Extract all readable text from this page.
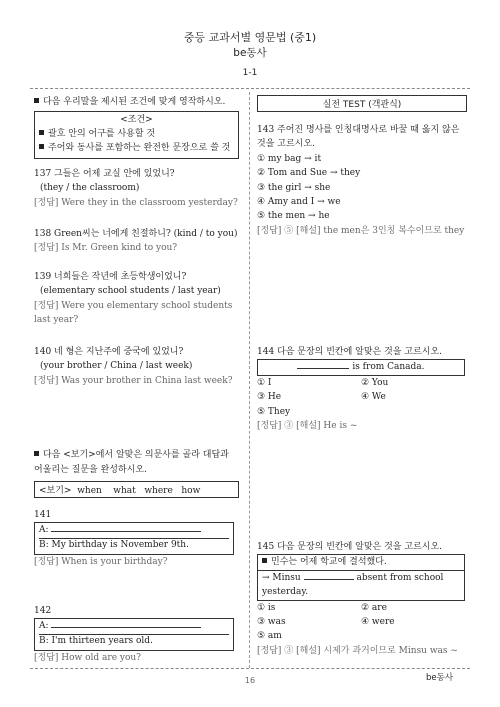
중등 교과서별 영문법 (중1)
be동사
1-1
다음 우리말을 제시된 조건에 맞게 영작하시오.
<조건>
괄호 안의 어구를 사용할 것
주어와 동사를 포함하는 완전한 문장으로 쓸 것
137 그들은 어제 교실 안에 있었니?
(they / the classroom)
[정답] Were they in the classroom yesterday?
138 Green씨는 너에게 친절하니? (kind / to you)
[정답] Is Mr. Green kind to you?
139 너희들은 작년에 초등학생이었니?
(elementary school students / last year)
[정답] Were you elementary school students last year?
140 네 형은 지난주에 중국에 있었니?
(your brother / China / last week)
[정답] Was your brother in China last week?
다음 <보기>에서 알맞은 의문사를 골라 대답과 어울리는 질문을 완성하시오.
<보기>  when    what   where   how
141
A:
B: My birthday is November 9th.
[정답] When is your birthday?
142
A:
B: I'm thirteen years old.
[정답] How old are you?
실전 TEST (객관식)
143 주어진 명사를 인칭대명사로 바꿀 때 옳지 않은 것을 고르시오.
① my bag → it
② Tom and Sue → they
③ the girl → she
④ Amy and I → we
⑤ the men → he
[정답] ⑤ [해설] the men은 3인칭 복수이므로 they
144 다음 문장의 빈칸에 알맞은 것을 고르시오.
is from Canada.
① I	② You
③ He	④ We
⑤ They
[정답] ③ [해설] He is ~
145 다음 문장의 빈칸에 알맞은 것을 고르시오.
민수는 어제 학교에 결석했다.
→ Minsu	absent from school yesterday.
① is	② are
③ was	④ were
⑤ am
[정답] ③ [해설] 시제가 과거이므로 Minsu was ~
16	be동사
